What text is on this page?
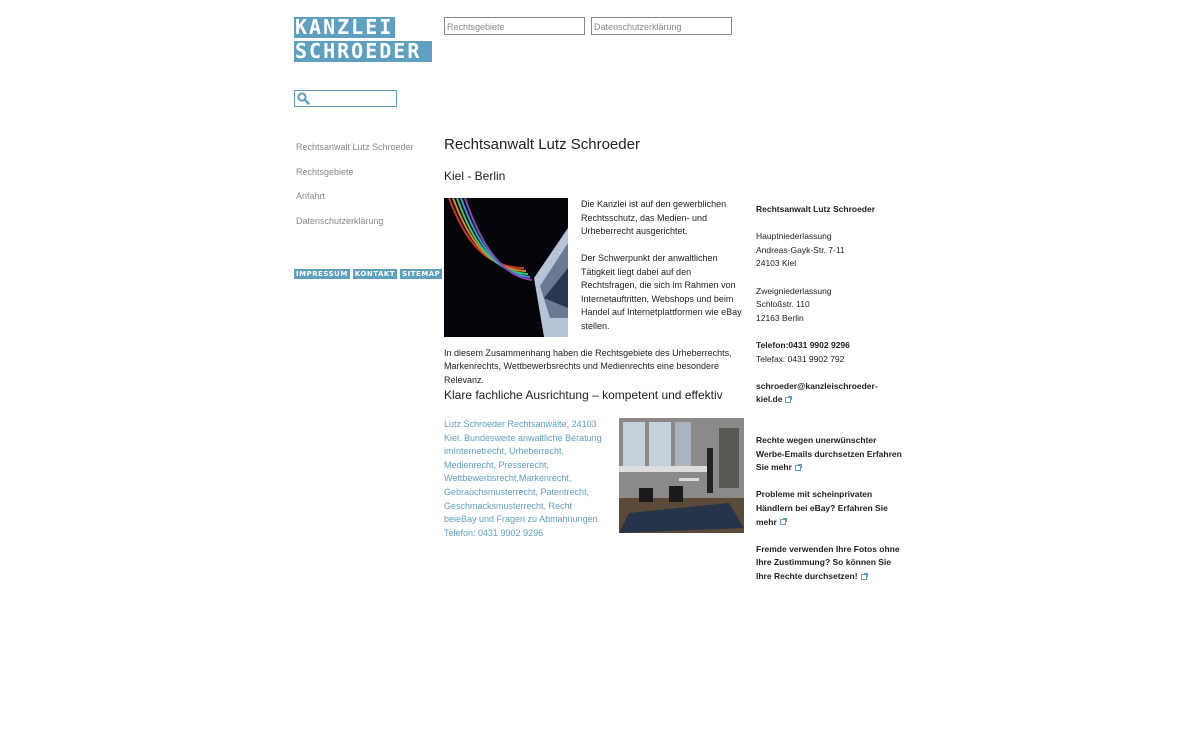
KANZLEI
SCHROEDER
Rechtsgebiete	Datenschutzerklärung
Rechtsanwalt Lutz Schroeder
Rechtsgebiete
Anfahrt
Datenschutzerklärung
IMPRESSUM KONTAKT SITEMAP
Rechtsanwalt Lutz Schroeder
Kiel - Berlin

Die Kanzlei ist auf den gewerblichen Rechtsschutz, das Medien- und Urheberrecht ausgerichtet.

Der Schwerpunkt der anwaltlichen Tätigkeit liegt dabei auf den Rechtsfragen, die sich im Rahmen von Internetauftritten, Webshops und beim Handel auf Internetplattformen wie eBay stellen.

In diesem Zusammenhang haben die Rechtsgebiete des Urheberrechts, Markenrechts, Wettbewerbsrechts und Medienrechts eine besondere Relevanz.

Klare fachliche Ausrichtung – kompetent und effektiv
Lutz Schroeder Rechtsanwälte, 24103 Kiel. Bundesweite anwaltliche Beratung imInternetrecht, Urheberrecht, Medienrecht, Presserecht, Wettbewerbsrecht,Markenrecht, Gebrauchsmusterrecht, Patentrecht, Geschmacksmusterrecht, Recht beieBay und Fragen zu Abmahnungen. Telefon: 0431 9902 9296
Rechtsanwalt Lutz Schroeder
Hauptniederlassung
Andreas-Gayk-Str. 7-11
24103 Kiel
Zweigniederlassung
Schloßstr. 110
12163 Berlin
Telefon:0431 9902 9296
Telefax: 0431 9902 792
schroeder@kanzleischroeder-kiel.de
Rechte wegen unerwünschter Werbe-Emails durchsetzen Erfahren Sie mehr
Probleme mit scheinprivaten Händlern bei eBay? Erfahren Sie mehr
Fremde verwenden Ihre Fotos ohne Ihre Zustimmung? So können Sie Ihre Rechte durchsetzen!
